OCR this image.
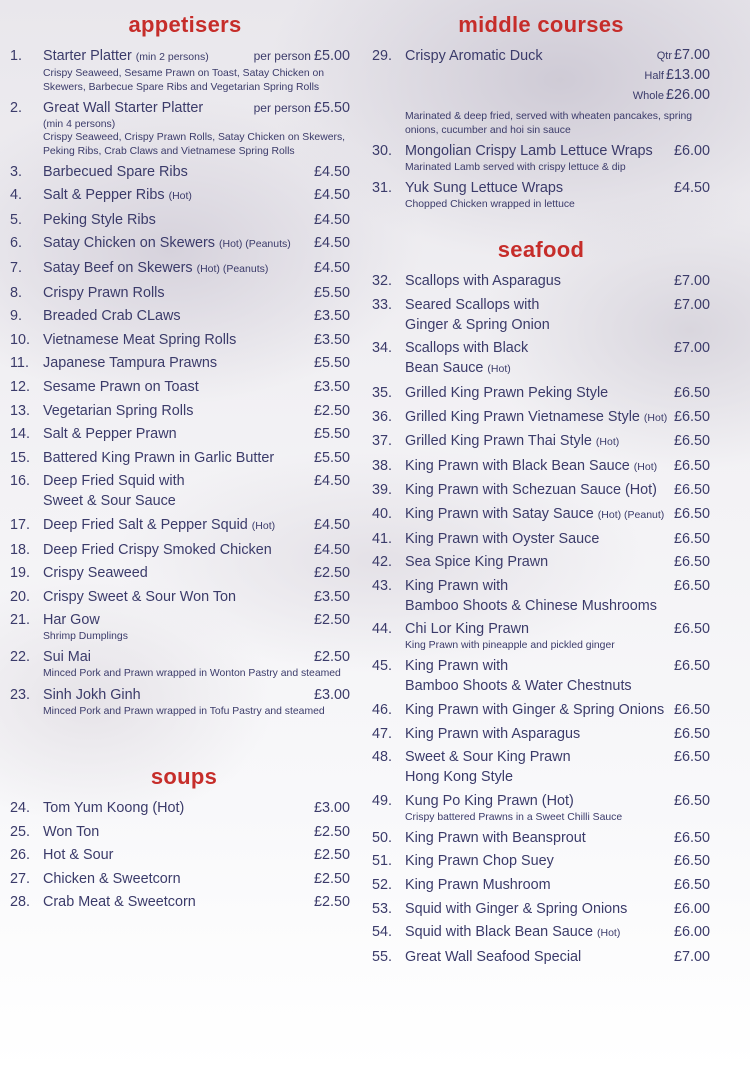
appetisers
1.	Starter Platter (min 2 persons)	per person £5.00
Crispy Seaweed, Sesame Prawn on Toast, Satay Chicken on Skewers, Barbecue Spare Ribs and Vegetarian Spring Rolls
2.	Great Wall Starter Platter	per person £5.50
(min 4 persons)
Crispy Seaweed, Crispy Prawn Rolls, Satay Chicken on Skewers, Peking Ribs, Crab Claws and Vietnamese Spring Rolls
3.	Barbecued Spare Ribs	£4.50
4.	Salt & Pepper Ribs (Hot)	£4.50
5.	Peking Style Ribs	£4.50
6.	Satay Chicken on Skewers (Hot) (Peanuts)	£4.50
7.	Satay Beef on Skewers (Hot) (Peanuts)	£4.50
8.	Crispy Prawn Rolls	£5.50
9.	Breaded Crab CLaws	£3.50
10. Vietnamese Meat Spring Rolls	£3.50
11. Japanese Tampura Prawns	£5.50
12. Sesame Prawn on Toast	£3.50
13. Vegetarian Spring Rolls	£2.50
14. Salt & Pepper Prawn	£5.50
15. Battered King Prawn in Garlic Butter	£5.50
16. Deep Fried Squid with	£4.50
Sweet & Sour Sauce
17. Deep Fried Salt & Pepper Squid (Hot)	£4.50
18. Deep Fried Crispy Smoked Chicken	£4.50
19. Crispy Seaweed	£2.50
20. Crispy Sweet & Sour Won Ton	£3.50
21. Har Gow	£2.50
Shrimp Dumplings
22. Sui Mai	£2.50
Minced Pork and Prawn wrapped in Wonton Pastry and steamed
23. Sinh Jokh Ginh	£3.00
Minced Pork and Prawn wrapped in Tofu Pastry and steamed
soups
24. Tom Yum Koong (Hot)	£3.00
25. Won Ton	£2.50
26. Hot & Sour	£2.50
27. Chicken & Sweetcorn	£2.50
28. Crab Meat & Sweetcorn	£2.50
middle courses
29. Crispy Aromatic Duck	Qtr £7.00
Half £13.00
Whole £26.00
Marinated & deep fried, served with wheaten pancakes, spring onions, cucumber and hoi sin sauce
30. Mongolian Crispy Lamb Lettuce Wraps	£6.00
Marinated Lamb served with crispy lettuce & dip
31. Yuk Sung Lettuce Wraps	£4.50
Chopped Chicken wrapped in lettuce
seafood
32. Scallops with Asparagus	£7.00
33. Seared Scallops with	£7.00
Ginger & Spring Onion
34. Scallops with Black	£7.00
Bean Sauce (Hot)
35. Grilled King Prawn Peking Style	£6.50
36. Grilled King Prawn Vietnamese Style (Hot) £6.50
37. Grilled King Prawn Thai Style (Hot)	£6.50
38. King Prawn with Black Bean Sauce (Hot)	£6.50
39. King Prawn with Schezuan Sauce (Hot)	£6.50
40. King Prawn with Satay Sauce (Hot) (Peanut) £6.50
41. King Prawn with Oyster Sauce	£6.50
42. Sea Spice King Prawn	£6.50
43. King Prawn with	£6.50
Bamboo Shoots & Chinese Mushrooms
44. Chi Lor King Prawn	£6.50
King Prawn with pineapple and pickled ginger
45. King Prawn with	£6.50
Bamboo Shoots & Water Chestnuts
46. King Prawn with Ginger & Spring Onions £6.50
47. King Prawn with Asparagus	£6.50
48. Sweet & Sour King Prawn	£6.50
Hong Kong Style
49. Kung Po King Prawn (Hot)	£6.50
Crispy battered Prawns in a Sweet Chilli Sauce
50. King Prawn with Beansprout	£6.50
51. King Prawn Chop Suey	£6.50
52. King Prawn Mushroom	£6.50
53. Squid with Ginger & Spring Onions	£6.00
54. Squid with Black Bean Sauce (Hot)	£6.00
55. Great Wall Seafood Special	£7.00
